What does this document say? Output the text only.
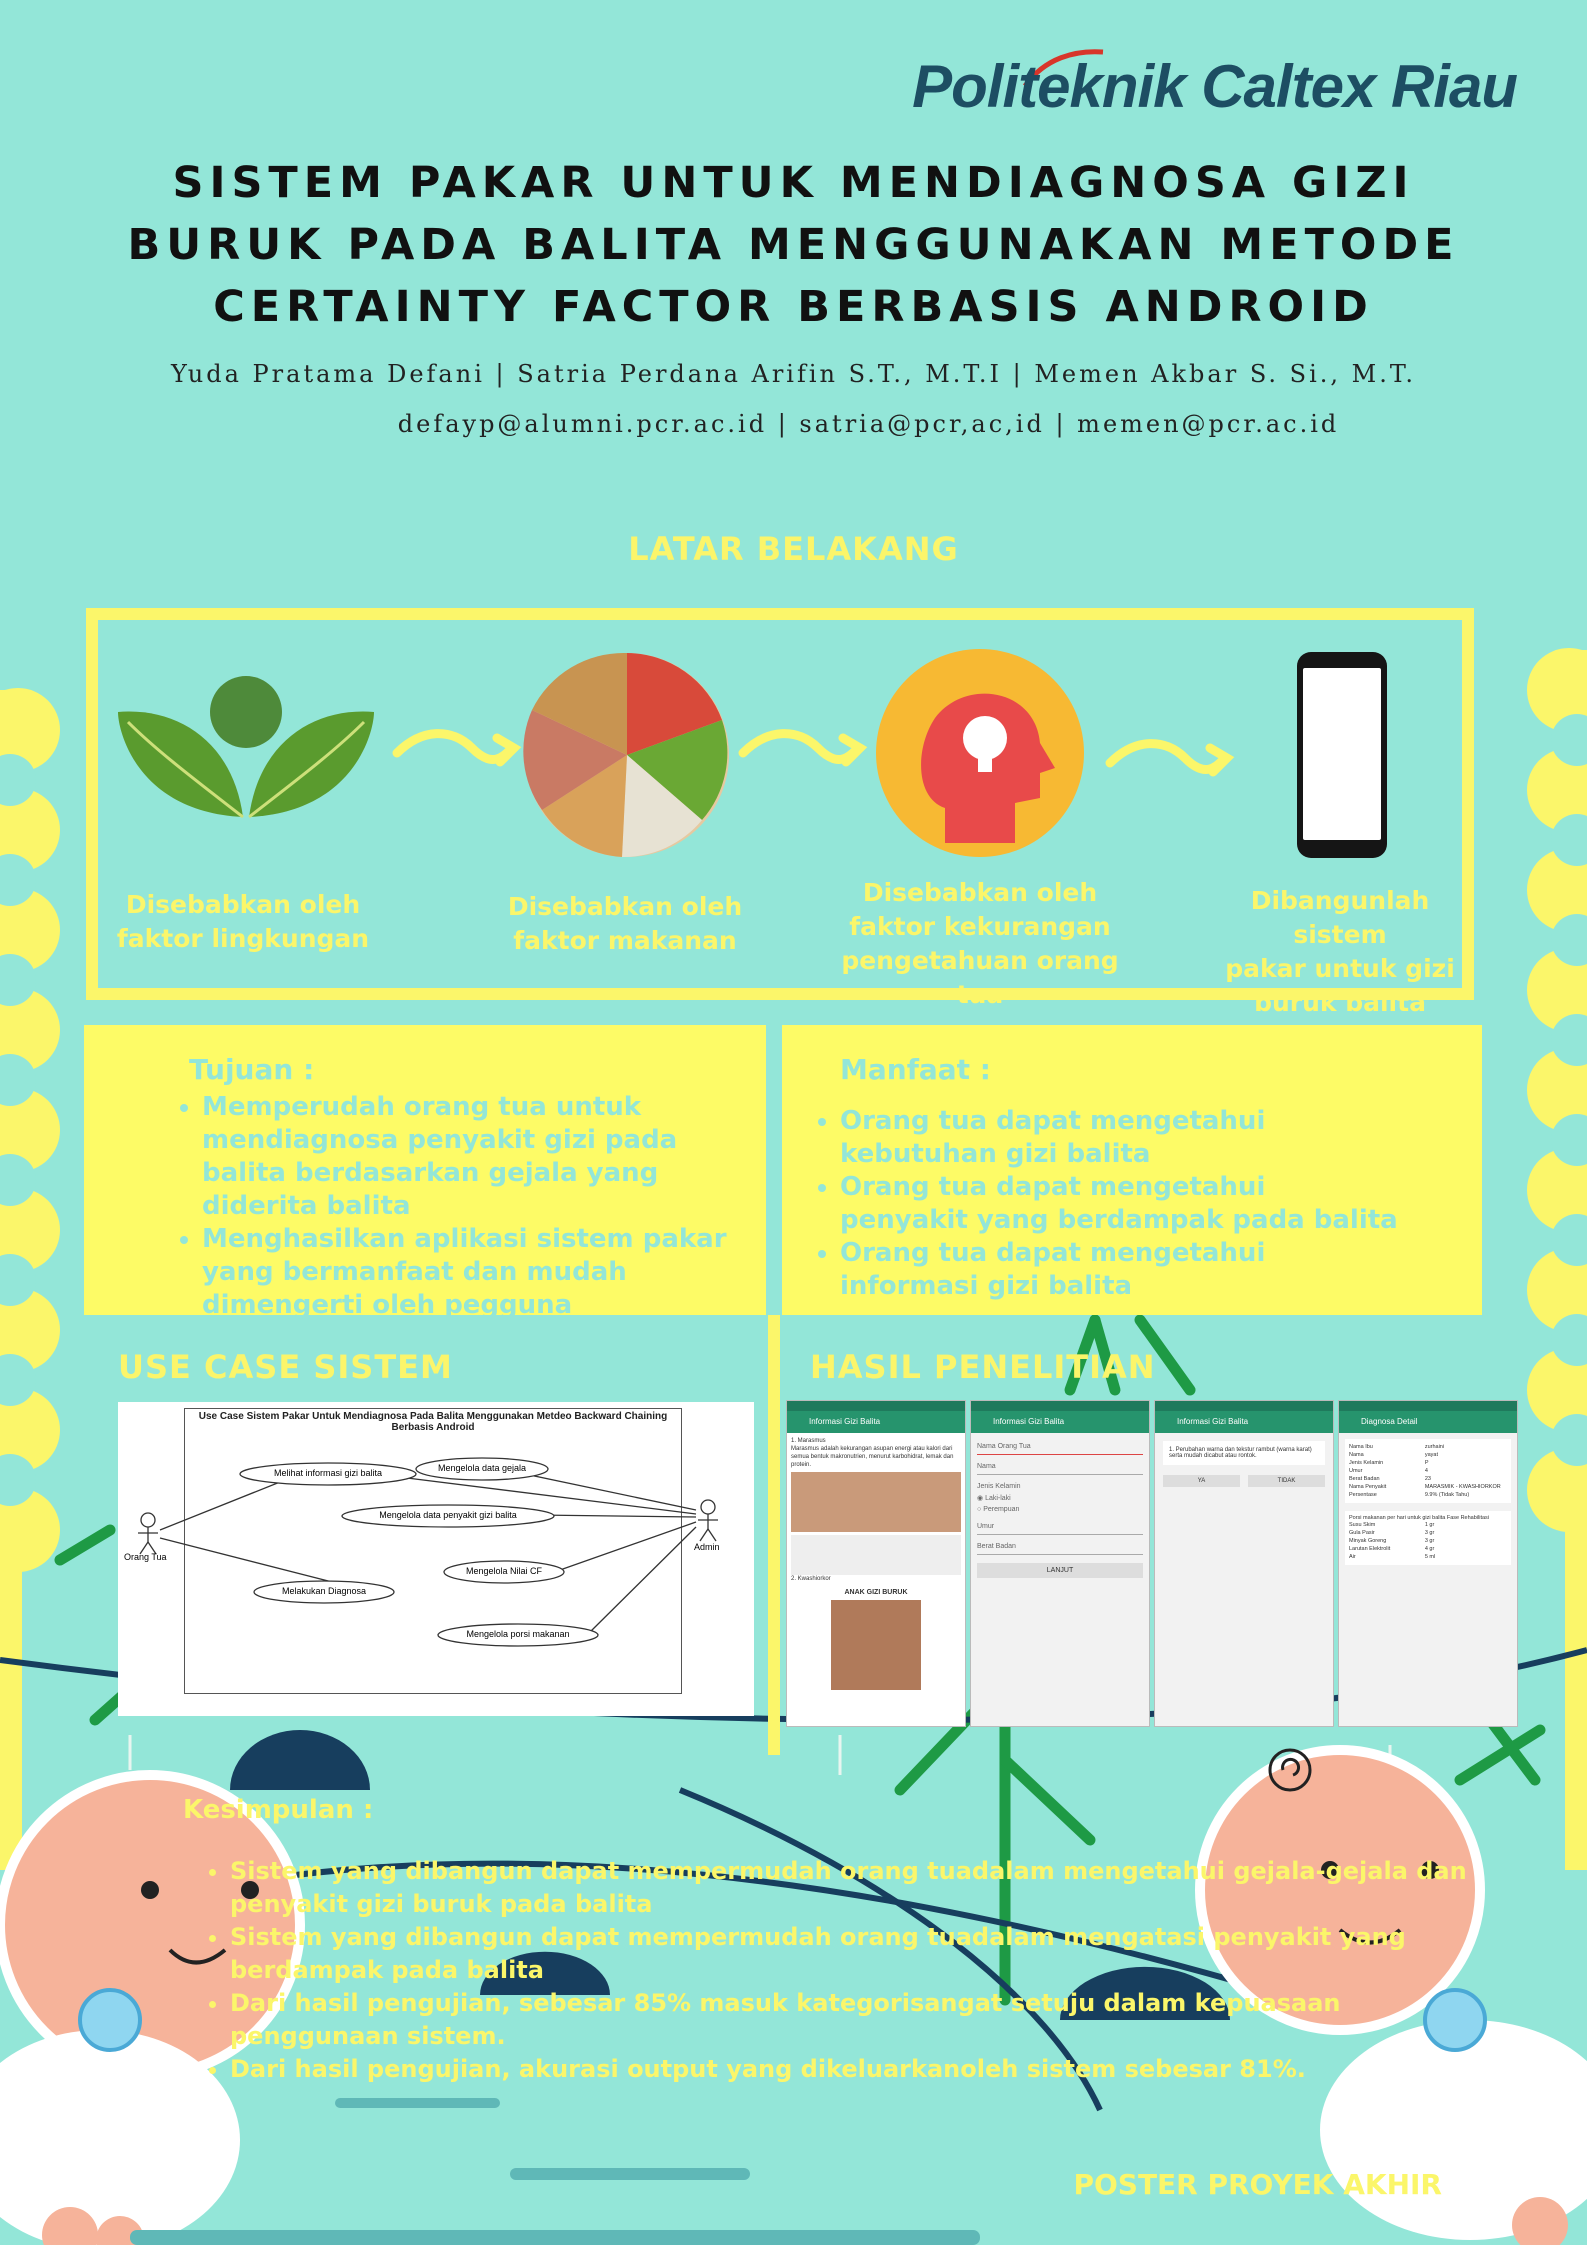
Politeknik Caltex Riau
SISTEM PAKAR UNTUK MENDIAGNOSA GIZI
BURUK PADA BALITA MENGGUNAKAN METODE
CERTAINTY FACTOR BERBASIS ANDROID
Yuda Pratama Defani | Satria Perdana Arifin S.T., M.T.I | Memen Akbar S. Si., M.T.
defayp@alumni.pcr.ac.id | satria@pcr,ac,id | memen@pcr.ac.id
LATAR BELAKANG
Disebabkan oleh
faktor lingkungan
Disebabkan oleh
faktor makanan
Disebabkan oleh
faktor kekurangan
pengetahuan orang tua
Dibangunlah sistem
pakar untuk gizi
buruk balita
Tujuan :
• Memperudah orang tua untuk mendiagnosa penyakit gizi pada balita berdasarkan gejala yang diderita balita
• Menghasilkan aplikasi sistem pakar yang bermanfaat dan mudah dimengerti oleh pegguna
Manfaat :
• Orang tua dapat mengetahui kebutuhan gizi balita
• Orang tua dapat mengetahui penyakit yang berdampak pada balita
• Orang tua dapat mengetahui informasi gizi balita
USE CASE SISTEM
Use Case Sistem Pakar Untuk Mendiagnosa Pada Balita Menggunakan Metdeo Backward Chaining Berbasis Android
Orang Tua
Admin
Melihat informasi gizi balita	Mengelola data gejala
Mengelola data penyakit gizi balita
Mengelola Nilai CF
Melakukan Diagnosa
Mengelola porsi makanan
HASIL PENELITIAN
Informasi Gizi Balita
1. Marasmus
Marasmus adalah kekurangan asupan energi atau kalori dari semua bentuk makronutrien, menurut karbohidrat, lemak dan protein.
2. Kwashiorkor
ANAK GIZI BURUK
Informasi Gizi Balita
Nama Orang Tua
Nama
Jenis Kelamin
◉ Laki-laki
○ Perempuan
Umur
Berat Badan
LANJUT
Informasi Gizi Balita
1. Perubahan warna dan tekstur rambut (warna karat) serta mudah dicabut atau rontok.
YA	TIDAK
Diagnosa Detail
Nama Ibu	zurhaini
Nama	yayat
Jenis Kelamin	P
Umur	4
Berat Badan	23
Nama Penyakit	MARASMIK - KWASHIORKOR
Persentase	9.9% (Tidak Tahu)
Porsi makanan per hari untuk gizi balita Fase Rehabilitasi
Susu Skim	1 gr
Gula Pasir	3 gr
Minyak Goreng	3 gr
Larutan Elektrolit	4 gr
Air	5 ml
Kesimpulan :
• Sistem yang dibangun dapat mempermudah orang tuadalam mengetahui gejala-gejala dan penyakit gizi buruk pada balita
• Sistem yang dibangun dapat mempermudah orang tuadalam mengatasi penyakit yang berdampak pada balita
• Dari hasil pengujian, sebesar 85% masuk kategorisangat setuju dalam kepuasaan penggunaan sistem.
• Dari hasil pengujian, akurasi output yang dikeluarkanoleh sistem sebesar 81%.
POSTER PROYEK AKHIR
